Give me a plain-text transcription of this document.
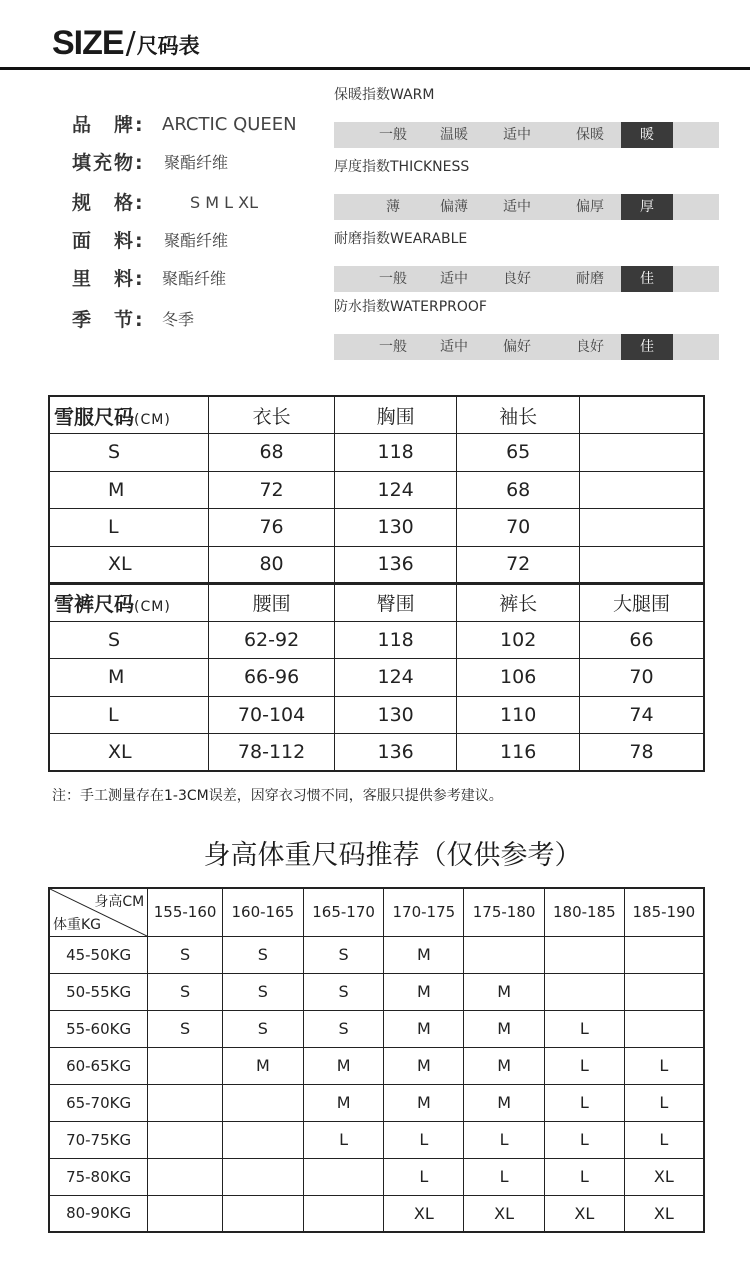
SIZE / 尺码表
品　牌: ARCTIC QUEEN
填充物: 聚酯纤维
规　格:	S M L XL
面　料: 聚酯纤维
里　料: 聚酯纤维
季　节: 冬季
保暖指数WARM
一般	温暖	适中	保暖	暖
厚度指数THICKNESS
薄	偏薄	适中	偏厚	厚
耐磨指数WEARABLE
一般	适中	良好	耐磨	佳
防水指数WATERPROOF
一般	适中	偏好	良好	佳
雪服尺码(CM)	衣长	胸围	袖长	
S	68	118	65	
M	72	124	68	
L	76	130	70	
XL	80	136	72	
雪裤尺码(CM)	腰围	臀围	裤长	大腿围
S	62-92	118	102	66
M	66-96	124	106	70
L	70-104	130	110	74
XL	78-112	136	116	78
注：手工测量存在1-3CM误差，因穿衣习惯不同，客服只提供参考建议。
身高体重尺码推荐（仅供参考）
身高CM
体重KG	155-160	160-165	165-170	170-175	175-180	180-185	185-190
45-50KG	S	S	S	M			
50-55KG	S	S	S	M	M		
55-60KG	S	S	S	M	M	L	
60-65KG		M	M	M	M	L	L
65-70KG			M	M	M	L	L
70-75KG			L	L	L	L	L
75-80KG				L	L	L	XL
80-90KG				XL	XL	XL	XL
